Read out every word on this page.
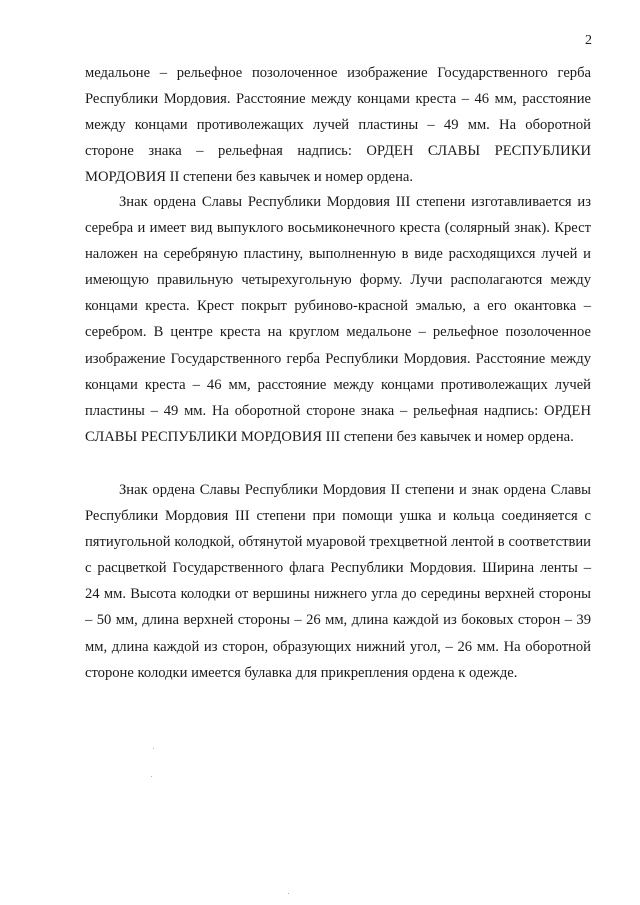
2

медальоне – рельефное позолоченное изображение Государственного герба Республики Мордовия. Расстояние между концами креста – 46 мм, расстояние между концами противолежащих лучей пластины – 49 мм. На оборотной стороне знака – рельефная надпись: ОРДЕН СЛАВЫ РЕСПУБЛИКИ МОРДОВИЯ II степени без кавычек и номер ордена.

Знак ордена Славы Республики Мордовия III степени изготавливается из серебра и имеет вид выпуклого восьмиконечного креста (солярный знак). Крест наложен на серебряную пластину, выполненную в виде расходящихся лучей и имеющую правильную четырехугольную форму. Лучи располагаются между концами креста. Крест покрыт рубиново-красной эмалью, а его окантовка – серебром. В центре креста на круглом медальоне – рельефное позолоченное изображение Государственного герба Республики Мордовия. Расстояние между концами креста – 46 мм, расстояние между концами противолежащих лучей пластины – 49 мм. На оборотной стороне знака – рельефная надпись: ОРДЕН СЛАВЫ РЕСПУБЛИКИ МОРДОВИЯ III степени без кавычек и номер ордена.

Знак ордена Славы Республики Мордовия II степени и знак ордена Славы Республики Мордовия III степени при помощи ушка и кольца соединяется с пятиугольной колодкой, обтянутой муаровой трехцветной лентой в соответствии с расцветкой Государственного флага Республики Мордовия. Ширина ленты – 24 мм. Высота колодки от вершины нижнего угла до середины верхней стороны – 50 мм, длина верхней стороны – 26 мм, длина каждой из боковых сторон – 39 мм, длина каждой из сторон, образующих нижний угол, – 26 мм. На оборотной стороне колодки имеется булавка для прикрепления ордена к одежде.
